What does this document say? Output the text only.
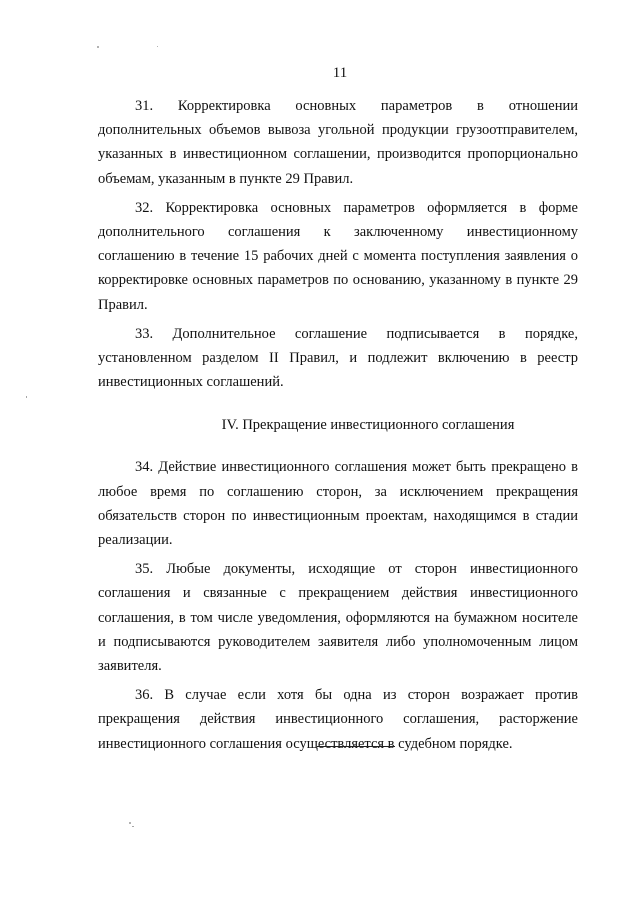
11

31. Корректировка основных параметров в отношении дополнительных объемов вывоза угольной продукции грузоотправителем, указанных в инвестиционном соглашении, производится пропорционально объемам, указанным в пункте 29 Правил.

32. Корректировка основных параметров оформляется в форме дополнительного соглашения к заключенному инвестиционному соглашению в течение 15 рабочих дней с момента поступления заявления о корректировке основных параметров по основанию, указанному в пункте 29 Правил.

33. Дополнительное соглашение подписывается в порядке, установленном разделом II Правил, и подлежит включению в реестр инвестиционных соглашений.

IV. Прекращение инвестиционного соглашения

34. Действие инвестиционного соглашения может быть прекращено в любое время по соглашению сторон, за исключением прекращения обязательств сторон по инвестиционным проектам, находящимся в стадии реализации.

35. Любые документы, исходящие от сторон инвестиционного соглашения и связанные с прекращением действия инвестиционного соглашения, в том числе уведомления, оформляются на бумажном носителе и подписываются руководителем заявителя либо уполномоченным лицом заявителя.

36. В случае если хотя бы одна из сторон возражает против прекращения действия инвестиционного соглашения, расторжение инвестиционного соглашения осуществляется в судебном порядке.
